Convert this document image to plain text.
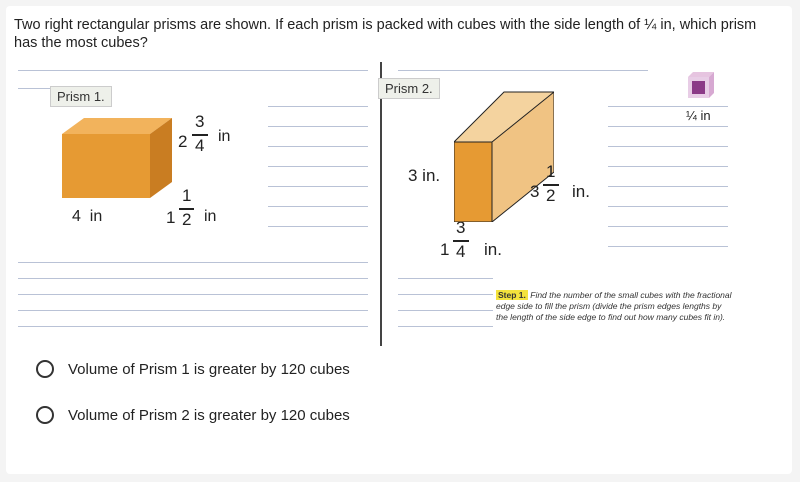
Two right rectangular prisms are shown. If each prism is packed with cubes with the side length of ¼ in, which prism has the most cubes?
Prism 1.
4 in
2
3
4 in
1
1
2 in
Prism 2.
3 in.
3
1
2 in.
1
3
4 in.
¼ in
Step 1. Find the number of the small cubes with the fractional edge side to fill the prism (divide the prism edges lengths by the length of the side edge to find out how many cubes fit in).
Volume of Prism 1 is greater by 120 cubes
Volume of Prism 2 is greater by 120 cubes
